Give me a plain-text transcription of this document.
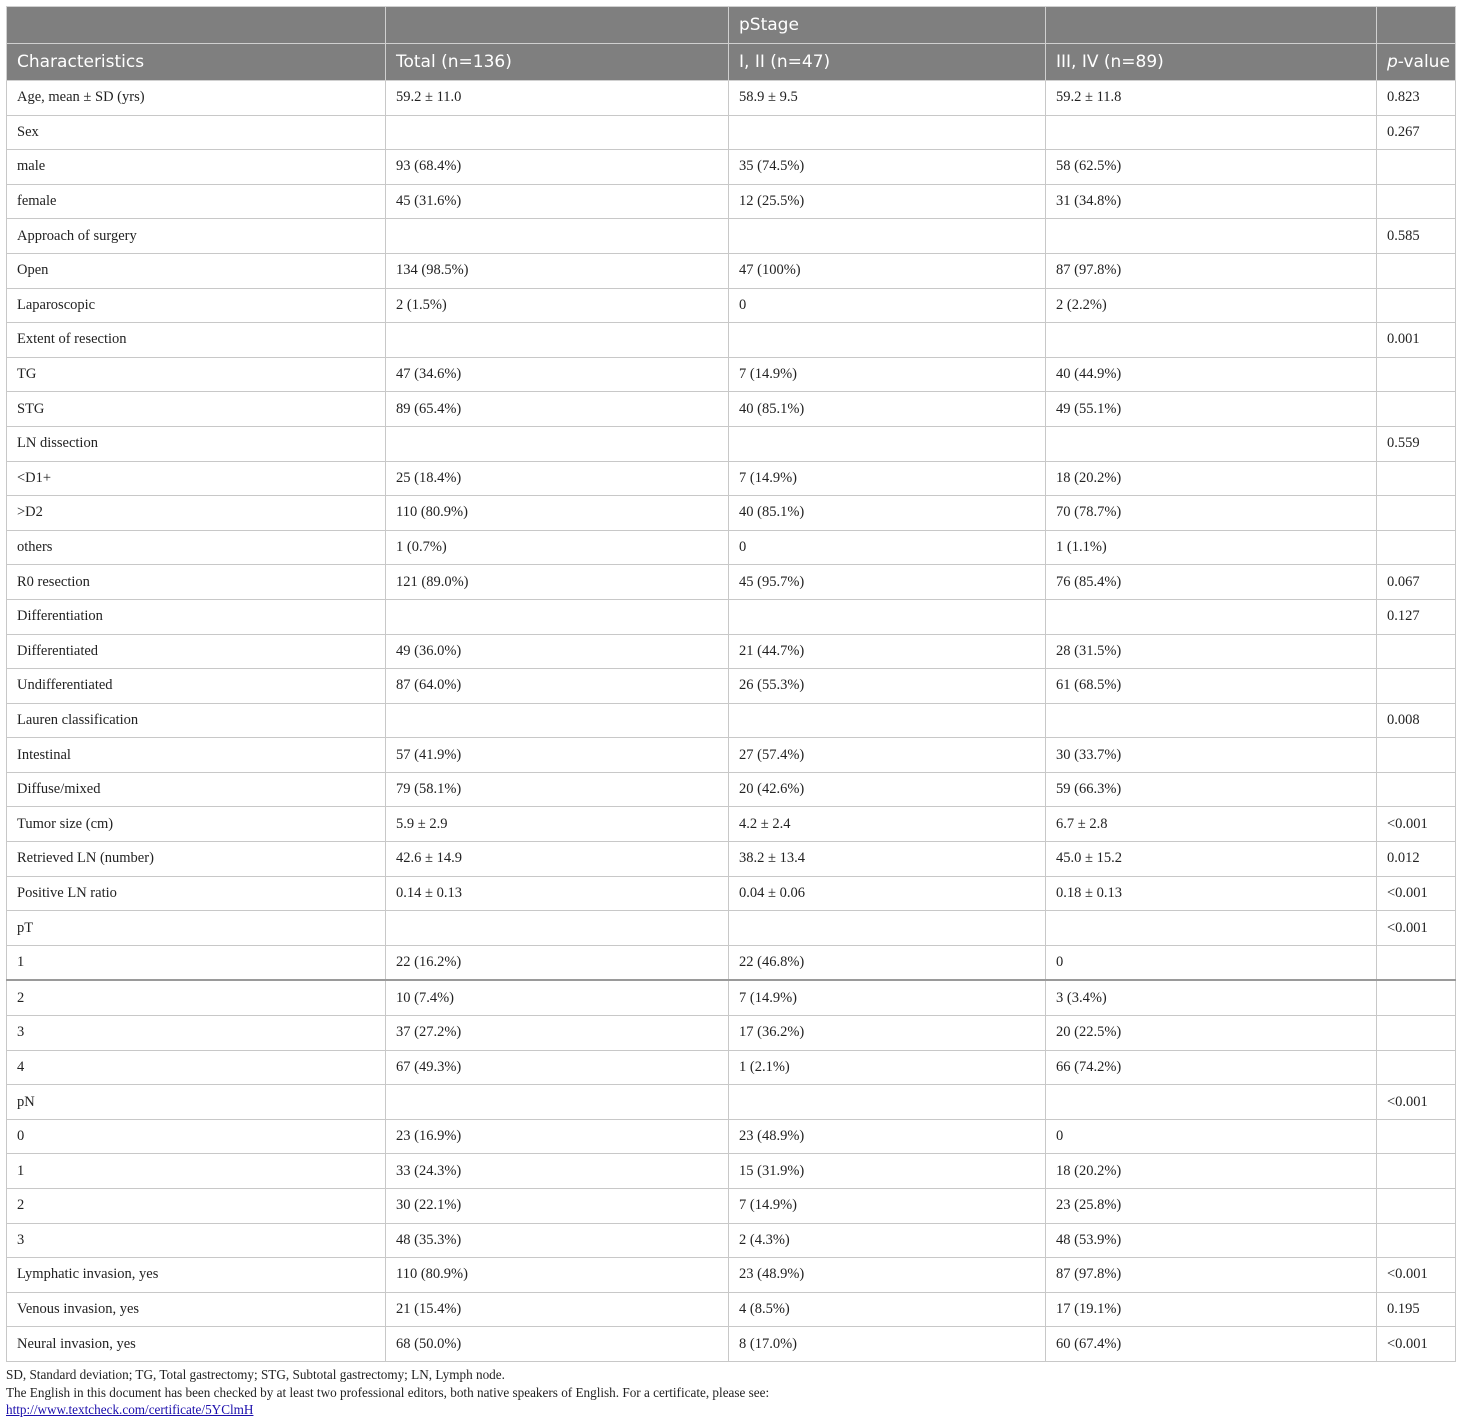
		pStage		
Characteristics	Total (n=136)	I, II (n=47)	III, IV (n=89)	p-value
Age, mean ± SD (yrs)	59.2 ± 11.0	58.9 ± 9.5	59.2 ± 11.8	0.823
Sex				0.267
male	93 (68.4%)	35 (74.5%)	58 (62.5%)	
female	45 (31.6%)	12 (25.5%)	31 (34.8%)	
Approach of surgery				0.585
Open	134 (98.5%)	47 (100%)	87 (97.8%)	
Laparoscopic	2 (1.5%)	0	2 (2.2%)	
Extent of resection				0.001
TG	47 (34.6%)	7 (14.9%)	40 (44.9%)	
STG	89 (65.4%)	40 (85.1%)	49 (55.1%)	
LN dissection				0.559
<D1+	25 (18.4%)	7 (14.9%)	18 (20.2%)	
>D2	110 (80.9%)	40 (85.1%)	70 (78.7%)	
others	1 (0.7%)	0	1 (1.1%)	
R0 resection	121 (89.0%)	45 (95.7%)	76 (85.4%)	0.067
Differentiation				0.127
Differentiated	49 (36.0%)	21 (44.7%)	28 (31.5%)	
Undifferentiated	87 (64.0%)	26 (55.3%)	61 (68.5%)	
Lauren classification				0.008
Intestinal	57 (41.9%)	27 (57.4%)	30 (33.7%)	
Diffuse/mixed	79 (58.1%)	20 (42.6%)	59 (66.3%)	
Tumor size (cm)	5.9 ± 2.9	4.2 ± 2.4	6.7 ± 2.8	<0.001
Retrieved LN (number)	42.6 ± 14.9	38.2 ± 13.4	45.0 ± 15.2	0.012
Positive LN ratio	0.14 ± 0.13	0.04 ± 0.06	0.18 ± 0.13	<0.001
pT				<0.001
1	22 (16.2%)	22 (46.8%)	0	
2	10 (7.4%)	7 (14.9%)	3 (3.4%)	
3	37 (27.2%)	17 (36.2%)	20 (22.5%)	
4	67 (49.3%)	1 (2.1%)	66 (74.2%)	
pN				<0.001
0	23 (16.9%)	23 (48.9%)	0	
1	33 (24.3%)	15 (31.9%)	18 (20.2%)	
2	30 (22.1%)	7 (14.9%)	23 (25.8%)	
3	48 (35.3%)	2 (4.3%)	48 (53.9%)	
Lymphatic invasion, yes	110 (80.9%)	23 (48.9%)	87 (97.8%)	<0.001
Venous invasion, yes	21 (15.4%)	4 (8.5%)	17 (19.1%)	0.195
Neural invasion, yes	68 (50.0%)	8 (17.0%)	60 (67.4%)	<0.001
SD, Standard deviation; TG, Total gastrectomy; STG, Subtotal gastrectomy; LN, Lymph node.
The English in this document has been checked by at least two professional editors, both native speakers of English. For a certificate, please see:
http://www.textcheck.com/certificate/5YClmH
